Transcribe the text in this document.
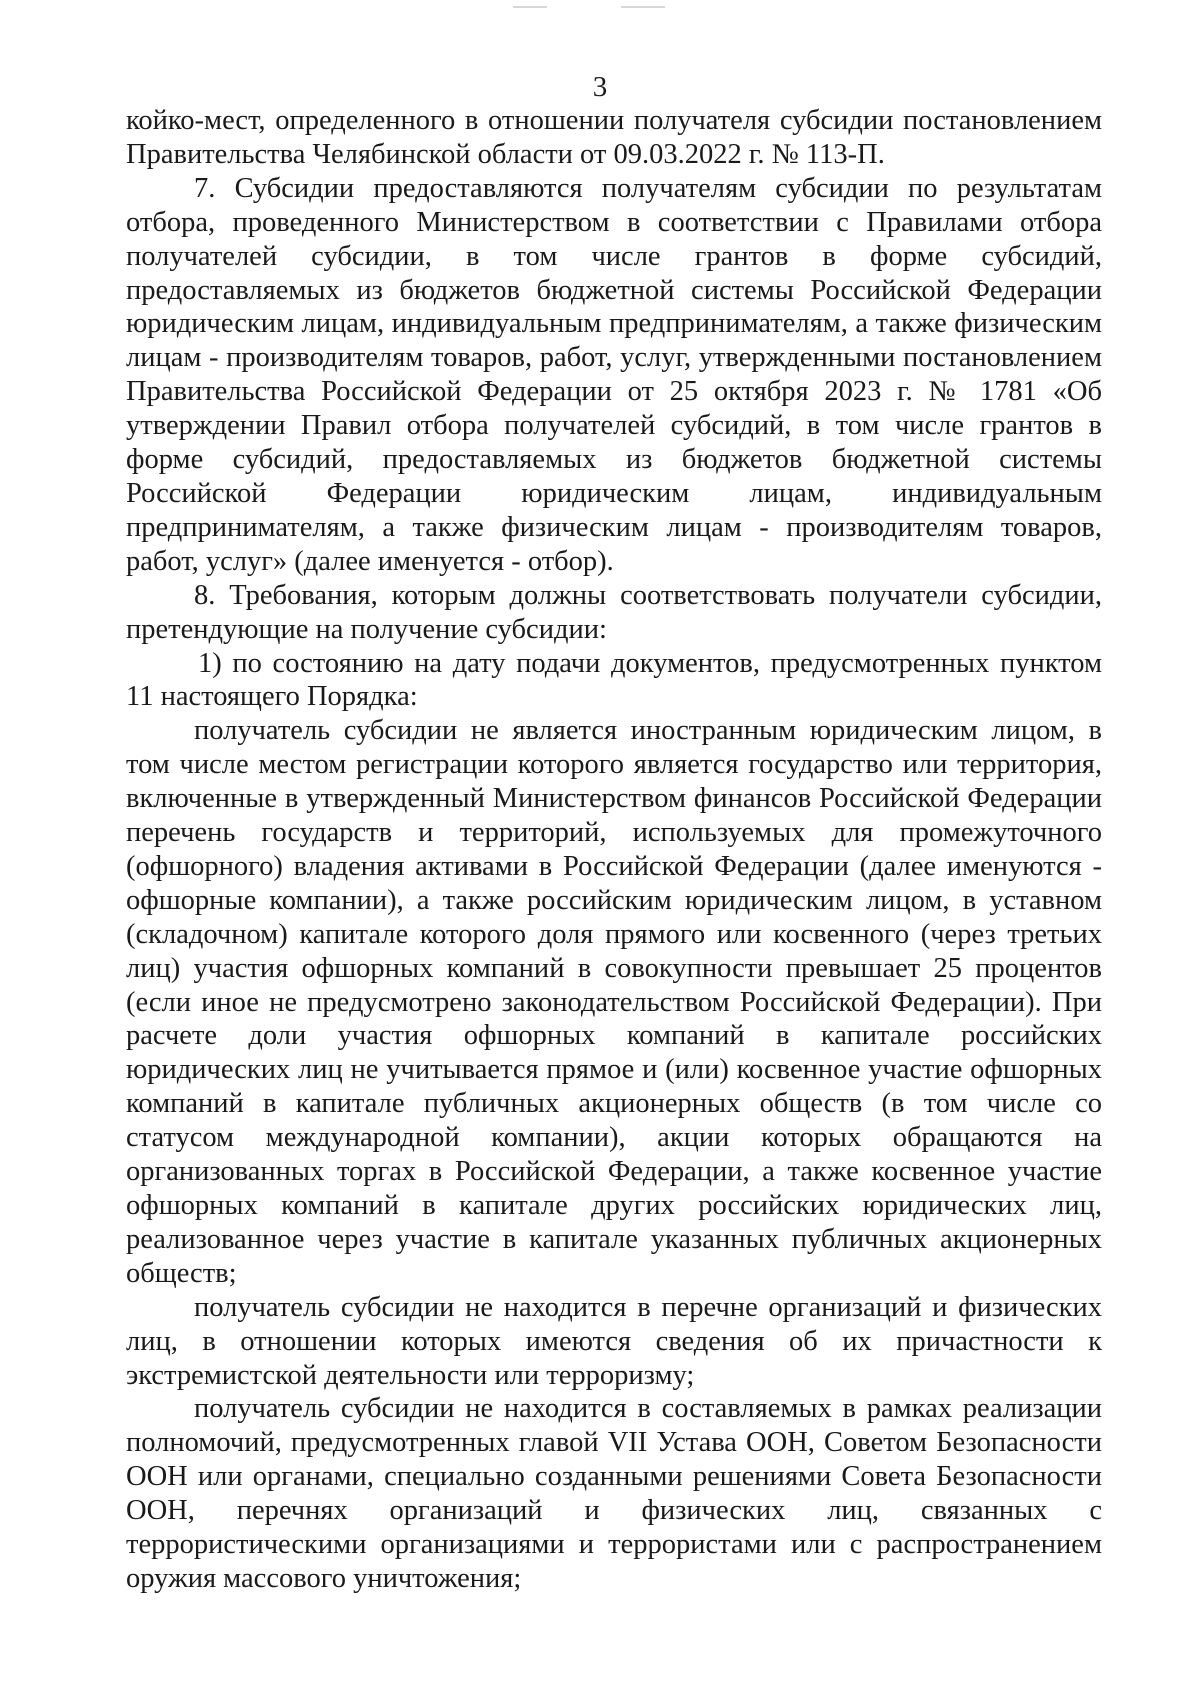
3

койко-мест, определенного в отношении получателя субсидии постановлением Правительства Челябинской области от 09.03.2022 г. № 113-П.

7. Субсидии предоставляются получателям субсидии по результатам отбора, проведенного Министерством в соответствии с Правилами отбора получателей субсидии, в том числе грантов в форме субсидий, предоставляемых из бюджетов бюджетной системы Российской Федерации юридическим лицам, индивидуальным предпринимателям, а также физическим лицам - производителям товаров, работ, услуг, утвержденными постановлением Правительства Российской Федерации от 25 октября 2023 г. № 1781 «Об утверждении Правил отбора получателей субсидий, в том числе грантов в форме субсидий, предоставляемых из бюджетов бюджетной системы Российской Федерации юридическим лицам, индивидуальным предпринимателям, а также физическим лицам - производителям товаров, работ, услуг» (далее именуется - отбор).

8. Требования, которым должны соответствовать получатели субсидии, претендующие на получение субсидии:

1) по состоянию на дату подачи документов, предусмотренных пунктом 11 настоящего Порядка:

получатель субсидии не является иностранным юридическим лицом, в том числе местом регистрации которого является государство или территория, включенные в утвержденный Министерством финансов Российской Федерации перечень государств и территорий, используемых для промежуточного (офшорного) владения активами в Российской Федерации (далее именуются - офшорные компании), а также российским юридическим лицом, в уставном (складочном) капитале которого доля прямого или косвенного (через третьих лиц) участия офшорных компаний в совокупности превышает 25 процентов (если иное не предусмотрено законодательством Российской Федерации). При расчете доли участия офшорных компаний в капитале российских юридических лиц не учитывается прямое и (или) косвенное участие офшорных компаний в капитале публичных акционерных обществ (в том числе со статусом международной компании), акции которых обращаются на организованных торгах в Российской Федерации, а также косвенное участие офшорных компаний в капитале других российских юридических лиц, реализованное через участие в капитале указанных публичных акционерных обществ;

получатель субсидии не находится в перечне организаций и физических лиц, в отношении которых имеются сведения об их причастности к экстремистской деятельности или терроризму;

получатель субсидии не находится в составляемых в рамках реализации полномочий, предусмотренных главой VII Устава ООН, Советом Безопасности ООН или органами, специально созданными решениями Совета Безопасности ООН, перечнях организаций и физических лиц, связанных с террористическими организациями и террористами или с распространением оружия массового уничтожения;
